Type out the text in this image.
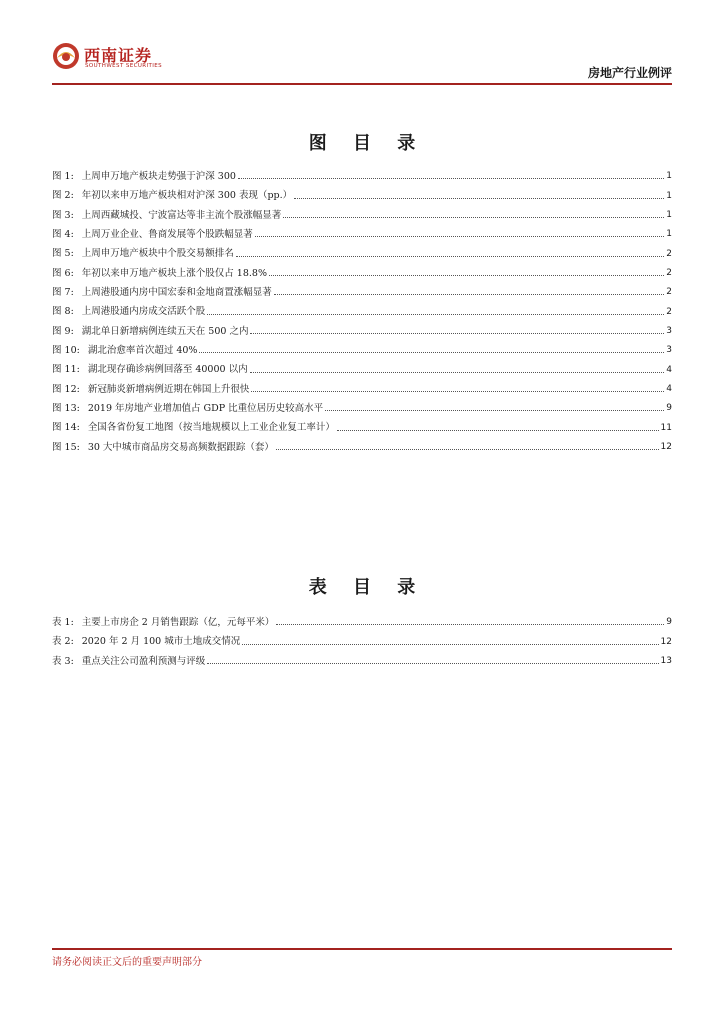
西南证券
SOUTHWEST SECURITIES	房地产行业例评
图 目 录
图 1: 上周申万地产板块走势强于沪深 300	1
图 2: 年初以来申万地产板块相对沪深 300 表现（pp.）	1
图 3: 上周西藏城投、宁波富达等非主流个股涨幅显著	1
图 4: 上周万业企业、鲁商发展等个股跌幅显著	1
图 5: 上周申万地产板块中个股交易额排名	2
图 6: 年初以来申万地产板块上涨个股仅占 18.8%	2
图 7: 上周港股通内房中国宏泰和金地商置涨幅显著	2
图 8: 上周港股通内房成交活跃个股	2
图 9: 湖北单日新增病例连续五天在 500 之内	3
图 10: 湖北治愈率首次超过 40%	3
图 11: 湖北现存确诊病例回落至 40000 以内	4
图 12: 新冠肺炎新增病例近期在韩国上升很快	4
图 13: 2019 年房地产业增加值占 GDP 比重位居历史较高水平	9
图 14: 全国各省份复工地图（按当地规模以上工业企业复工率计）	11
图 15: 30 大中城市商品房交易高频数据跟踪（套）	12
表 目 录
表 1: 主要上市房企 2 月销售跟踪（亿，元每平米）	9
表 2: 2020 年 2 月 100 城市土地成交情况	12
表 3: 重点关注公司盈利预测与评级	13
请务必阅读正文后的重要声明部分
